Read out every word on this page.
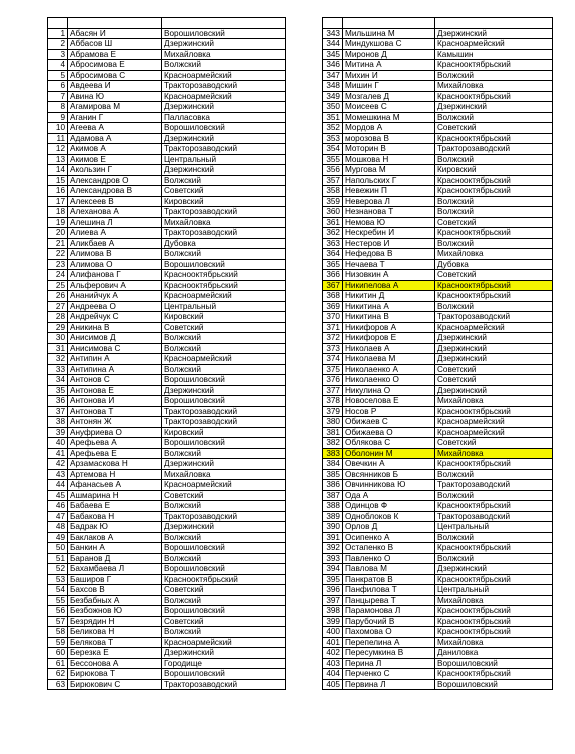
1	Абасян И	Ворошиловский
2	Аббасов Ш	Дзержинский
3	Абрамова Е	Михайловка
4	Абросимова Е	Волжский
5	Абросимова С	Красноармейский
6	Авдеева И	Тракторозаводский
7	Авина Ю	Красноармейский
8	Агамирова М	Дзержинский
9	Аганин Г	Палласовка
10	Агеева А	Ворошиловский
11	Адамова А	Дзержинский
12	Акимов А	Тракторозаводский
13	Акимов Е	Центральный
14	Акользин Г	Дзержинский
15	Александров О	Волжский
16	Александрова В	Советский
17	Алексеев В	Кировский
18	Алеханова А	Тракторозаводский
19	Алешина Л	Михайловка
20	Алиева А	Тракторозаводский
21	Аликбаев А	Дубовка
22	Алимова В	Волжский
23	Алимова О	Ворошиловский
24	Алифанова Г	Краснооктябрьский
25	Альферович А	Краснооктябрьский
26	Ананийчук А	Красноармейский
27	Андреева О	Центральный
28	Андрейчук С	Кировский
29	Аникина В	Советский
30	Анисимов Д	Волжский
31	Анисимова С	Волжский
32	Антипин А	Красноармейский
33	Антипина А	Волжский
34	Антонов С	Ворошиловский
35	Антонова Е	Дзержинский
36	Антонова И	Ворошиловский
37	Антонова Т	Тракторозаводский
38	Антонян Ж	Тракторозаводский
39	Ануфриева О	Кировский
40	Арефьева А	Ворошиловский
41	Арефьева Е	Волжский
42	Арзамаскова Н	Дзержинский
43	Артемова Н	Михайловка
44	Афанасьев А	Красноармейский
45	Ашмарина Н	Советский
46	Бабаева Е	Волжский
47	Бабакова Н	Тракторозаводский
48	Бадрак Ю	Дзержинский
49	Баклаков А	Волжский
50	Банкин А	Ворошиловский
51	Баранов Д	Волжский
52	Бахамбаева Л	Ворошиловский
53	Баширов Г	Краснооктябрьский
54	Бахсов В	Советский
55	Безбабных А	Волжский
56	Безбожнов Ю	Ворошиловский
57	Безрядин Н	Советский
58	Беликова Н	Волжский
59	Белякова Т	Красноармейский
60	Березка Е	Дзержинский
61	Бессонова А	Городище
62	Бирюкова Т	Ворошиловский
63	Бирюкович С	Тракторозаводский

343	Мильшина М	Дзержинский
344	Миндукшова С	Красноармейский
345	Миронов Д	Камышин
346	Митина А	Краснооктябрьский
347	Михин И	Волжский
348	Мишин Г	Михайловка
349	Мозгалев Д	Краснооктябрьский
350	Моисеев С	Дзержинский
351	Момешкина М	Волжский
352	Мордов А	Советский
353	морозова В	Краснооктябрьский
354	Моторин В	Тракторозаводский
355	Мошкова Н	Волжский
356	Мургова М	Кировский
357	Напольских Г	Краснооктябрьский
358	Невежин П	Краснооктябрьский
359	Неверова Л	Волжский
360	Незнанова Т	Волжский
361	Немова Ю	Советский
362	Нескребин И	Краснооктябрьский
363	Нестеров И	Волжский
364	Нефедова В	Михайловка
365	Нечаева Т	Дубовка
366	Низовкин А	Советский
367	Никипелова А	Краснооктябрьский
368	Никитин Д	Краснооктябрьский
369	Никитина А	Волжский
370	Никитина В	Тракторозаводский
371	Никифоров А	Красноармейский
372	Никифоров Е	Дзержинский
373	Николаев А	Дзержинский
374	Николаева М	Дзержинский
375	Николаенко А	Советский
376	Николаенко О	Советский
377	Никулина О	Дзержинский
378	Новоселова Е	Михайловка
379	Носов Р	Краснооктябрьский
380	Обижаев С	Красноармейский
381	Обижаева О	Красноармейский
382	Облякова С	Советский
383	Оболонин М	Михайловка
384	Овечкин А	Краснооктябрьский
385	Овсянников Б	Волжский
386	Овчинникова Ю	Тракторозаводский
387	Ода А	Волжский
388	Одинцов Ф	Краснооктябрьский
389	Одноблоков К	Тракторозаводский
390	Орлов Д	Центральный
391	Осипенко А	Волжский
392	Остапенко В	Краснооктябрьский
393	Павленко О	Волжский
394	Павлова М	Дзержинский
395	Панкратов В	Краснооктябрьский
396	Панфилова Т	Центральный
397	Панцырева Т	Михайловка
398	Парамонова Л	Краснооктябрьский
399	Парубочий В	Краснооктябрьский
400	Пахомова О	Краснооктябрьский
401	Перепелина А	Михайловка
402	Пересумкина В	Даниловка
403	Перина Л	Ворошиловский
404	Перченко С	Краснооктябрьский
405	Первина Л	Ворошиловский
